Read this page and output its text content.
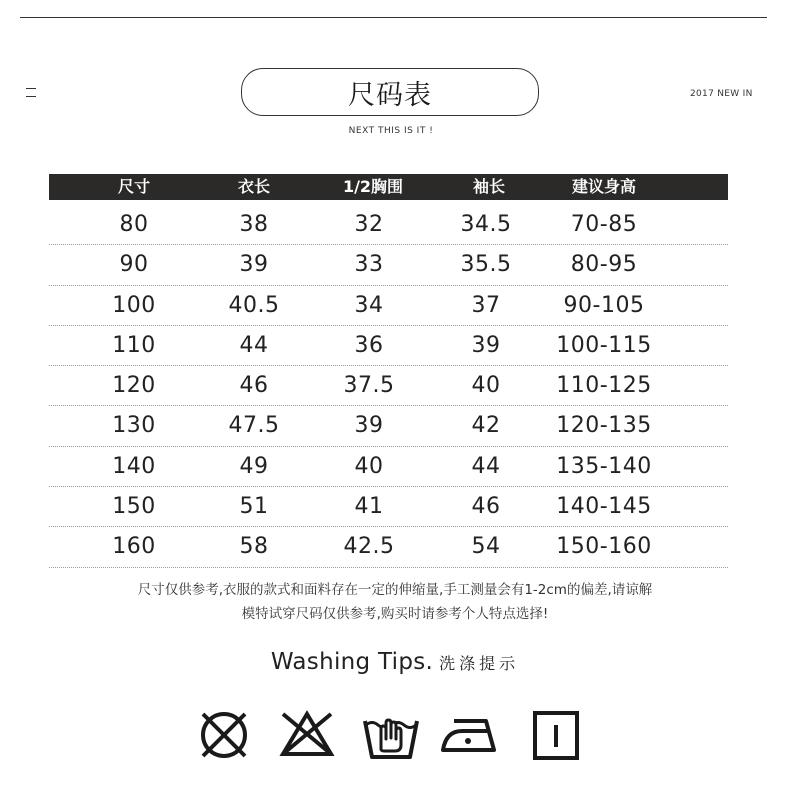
尺码表
NEXT THIS IS IT !
2017 NEW IN
尺寸	衣长	1/2胸围	袖长	建议身高
80	38	32	34.5	70-85
90	39	33	35.5	80-95
100	40.5	34	37	90-105
110	44	36	39	100-115
120	46	37.5	40	110-125
130	47.5	39	42	120-135
140	49	40	44	135-140
150	51	41	46	140-145
160	58	42.5	54	150-160
尺寸仅供参考,衣服的款式和面料存在一定的伸缩量,手工测量会有1-2cm的偏差,请谅解
模特试穿尺码仅供参考,购买时请参考个人特点选择!
Washing Tips. 洗涤提示
